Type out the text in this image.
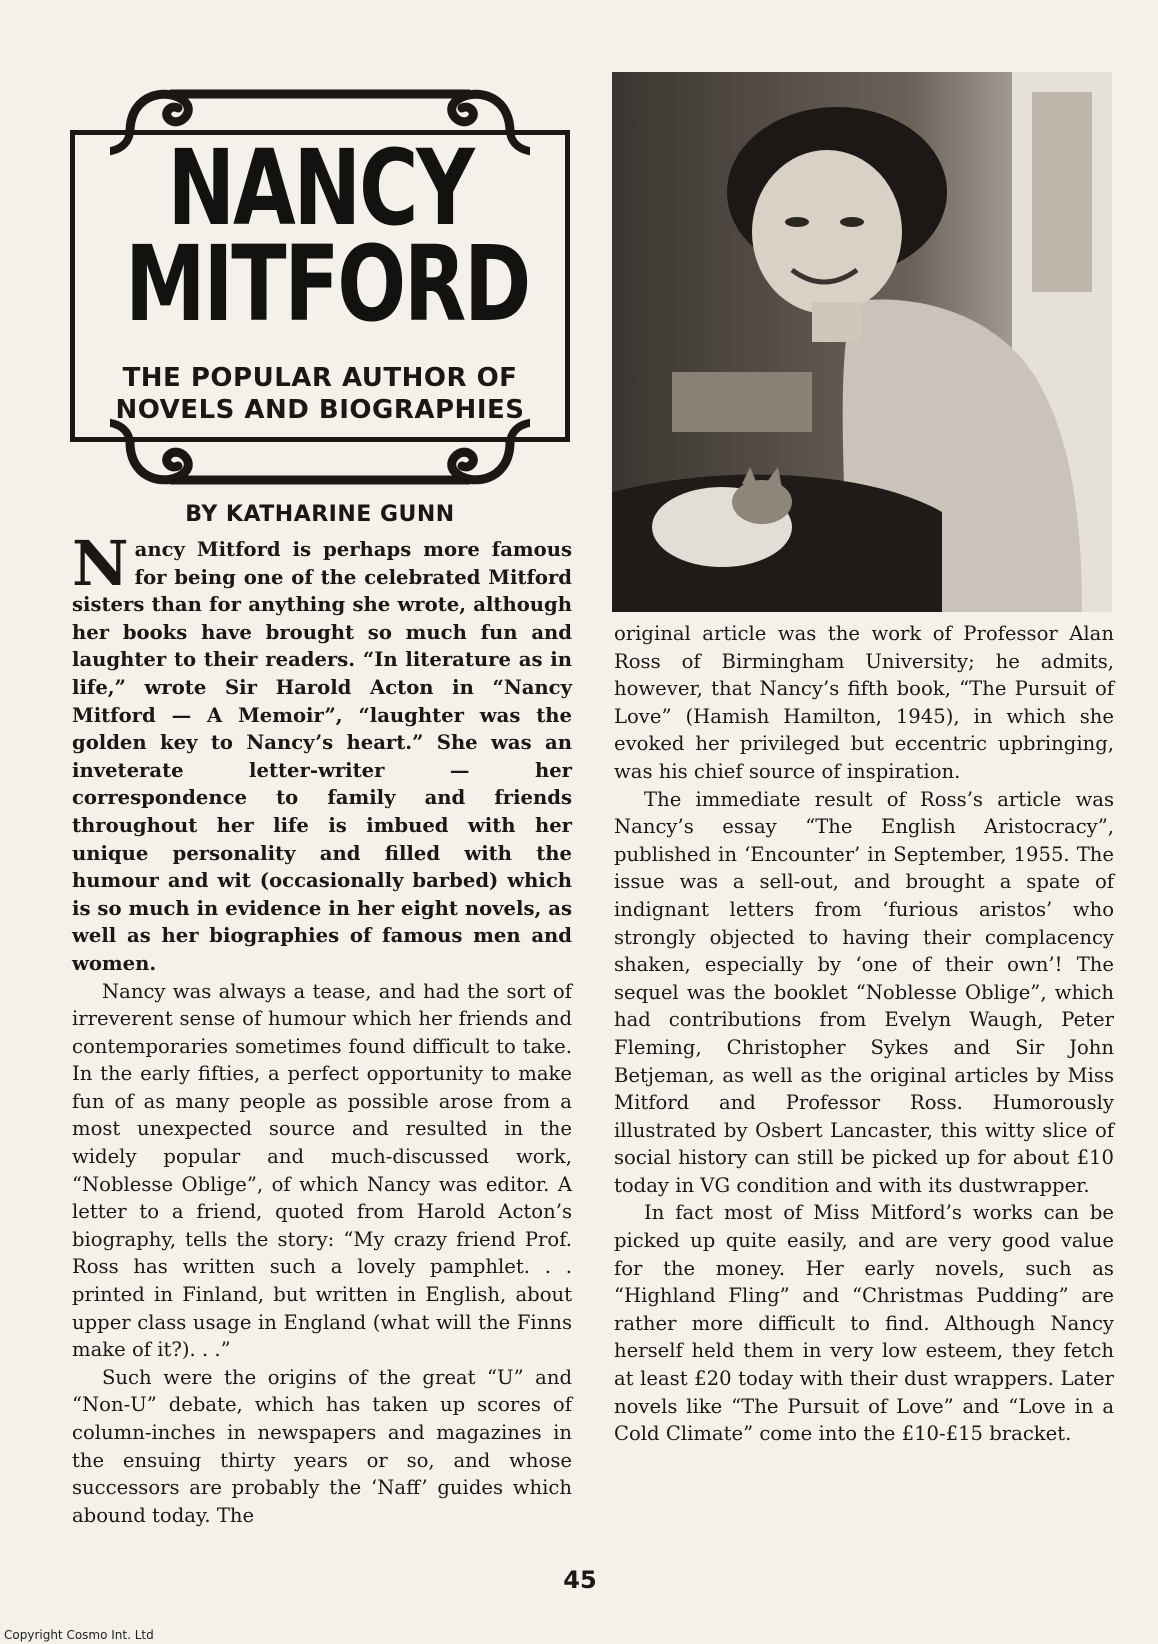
NANCY
MITFORD
THE POPULAR AUTHOR OF
NOVELS AND BIOGRAPHIES
BY KATHARINE GUNN

Nancy Mitford is perhaps more famous for being one of the celebrated Mitford sisters than for anything she wrote, although her books have brought so much fun and laughter to their readers. “In literature as in life,” wrote Sir Harold Acton in “Nancy Mitford — A Memoir”, “laughter was the golden key to Nancy’s heart.” She was an inveterate letter-writer — her correspondence to family and friends throughout her life is imbued with her unique personality and filled with the humour and wit (occasionally barbed) which is so much in evidence in her eight novels, as well as her biographies of famous men and women.

Nancy was always a tease, and had the sort of irreverent sense of humour which her friends and contemporaries sometimes found difficult to take. In the early fifties, a perfect opportunity to make fun of as many people as possible arose from a most unexpected source and resulted in the widely popular and much-discussed work, “Noblesse Oblige”, of which Nancy was editor. A letter to a friend, quoted from Harold Acton’s biography, tells the story: “My crazy friend Prof. Ross has written such a lovely pamphlet. . . printed in Finland, but written in English, about upper class usage in England (what will the Finns make of it?). . .”

Such were the origins of the great “U” and “Non-U” debate, which has taken up scores of column-inches in newspapers and magazines in the ensuing thirty years or so, and whose successors are probably the ‘Naff’ guides which abound today. The

original article was the work of Professor Alan Ross of Birmingham University; he admits, however, that Nancy’s fifth book, “The Pursuit of Love” (Hamish Hamilton, 1945), in which she evoked her privileged but eccentric upbringing, was his chief source of inspiration.

The immediate result of Ross’s article was Nancy’s essay “The English Aristocracy”, published in ‘Encounter’ in September, 1955. The issue was a sell-out, and brought a spate of indignant letters from ‘furious aristos’ who strongly objected to having their complacency shaken, especially by ‘one of their own’! The sequel was the booklet “Noblesse Oblige”, which had contributions from Evelyn Waugh, Peter Fleming, Christopher Sykes and Sir John Betjeman, as well as the original articles by Miss Mitford and Professor Ross. Humorously illustrated by Osbert Lancaster, this witty slice of social history can still be picked up for about £10 today in VG condition and with its dustwrapper.

In fact most of Miss Mitford’s works can be picked up quite easily, and are very good value for the money. Her early novels, such as “Highland Fling” and “Christmas Pudding” are rather more difficult to find. Although Nancy herself held them in very low esteem, they fetch at least £20 today with their dust wrappers. Later novels like “The Pursuit of Love” and “Love in a Cold Climate” come into the £10-£15 bracket.

45
Copyright Cosmo Int. Ltd
